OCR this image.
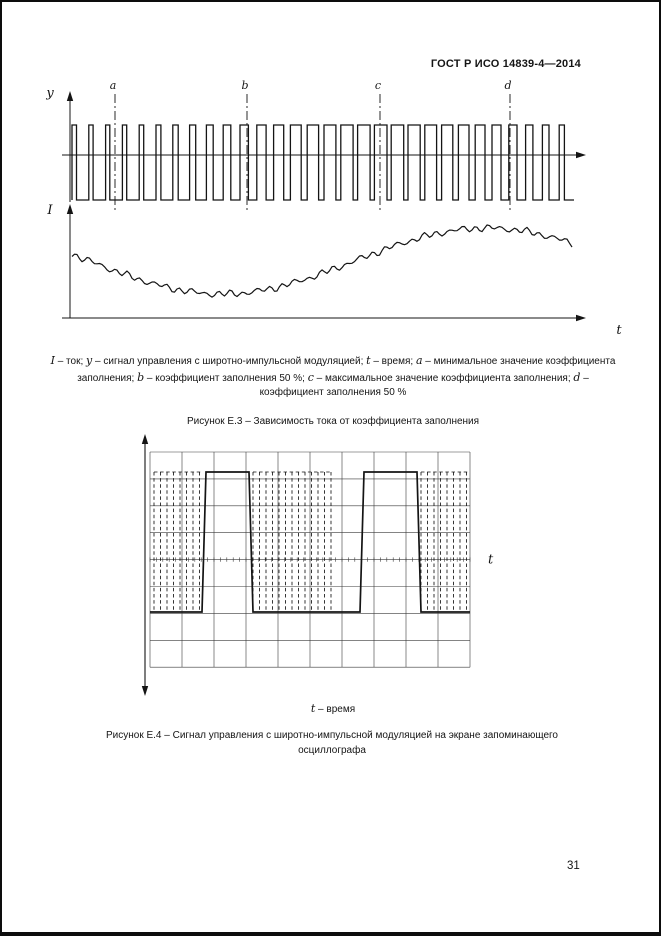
ГОСТ Р ИСО 14839-4—2014
y
I
t
a	b	c	d

I – ток; y – сигнал управления с широтно-импульсной модуляцией; t – время; a – минимальное значение коэффициента заполнения; b – коэффициент заполнения 50 %; c – максимальное значение коэффициента заполнения; d – коэффициент заполнения 50 %

Рисунок Е.3 – Зависимость тока от коэффициента заполнения

t

t – время

Рисунок Е.4 – Сигнал управления с широтно-импульсной модуляцией на экране запоминающего осциллографа

31
